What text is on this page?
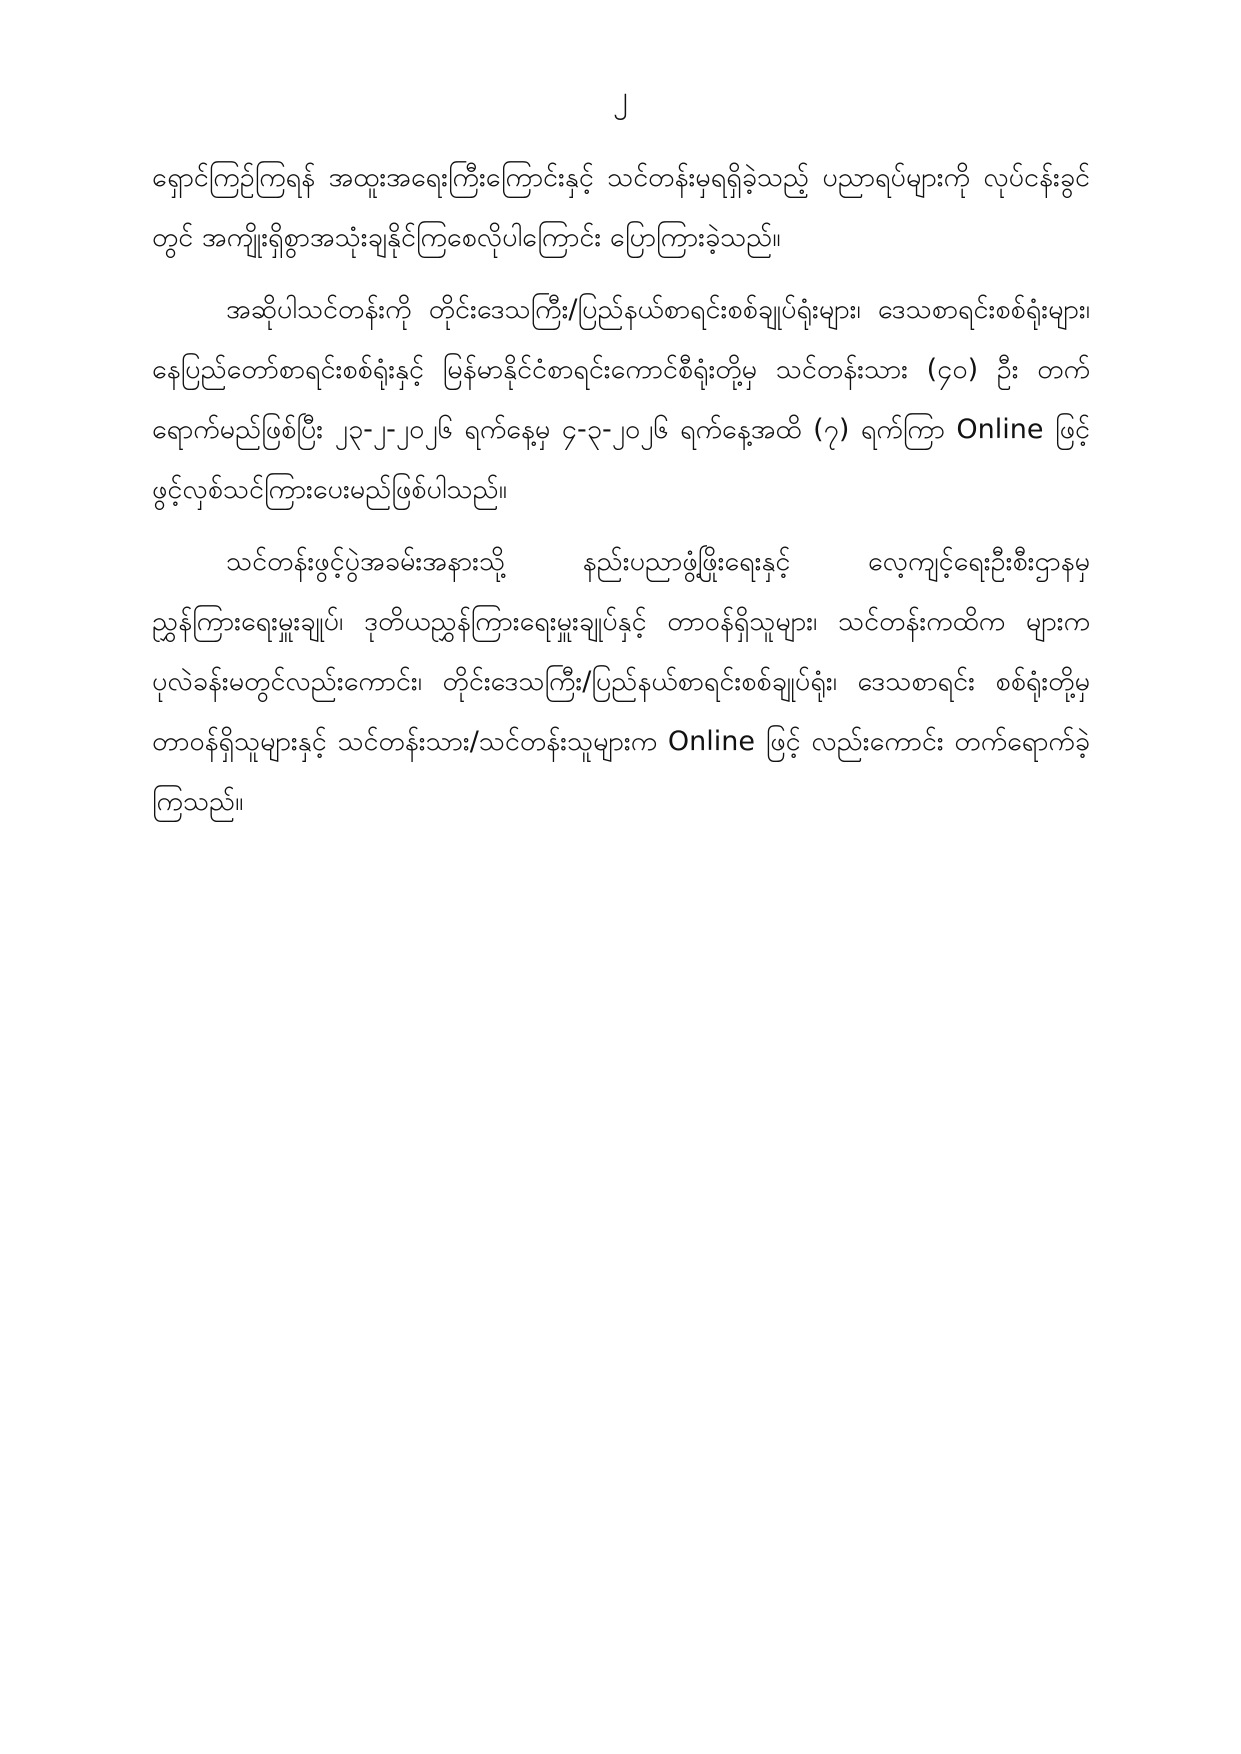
၂

ရှောင်ကြဉ်ကြရန် အထူးအရေးကြီးကြောင်းနှင့် သင်တန်းမှရရှိခဲ့သည့် ပညာရပ်များကို လုပ်ငန်းခွင်တွင် အကျိုးရှိစွာအသုံးချနိုင်ကြစေလိုပါကြောင်း ပြောကြားခဲ့သည်။

အဆိုပါသင်တန်းကို တိုင်းဒေသကြီး/ပြည်နယ်စာရင်းစစ်ချုပ်ရုံးများ၊ ဒေသစာရင်းစစ်ရုံးများ၊ နေပြည်တော်စာရင်းစစ်ရုံးနှင့် မြန်မာနိုင်ငံစာရင်းကောင်စီရုံးတို့မှ သင်တန်းသား (၄၀) ဦး တက်ရောက်မည်ဖြစ်ပြီး ၂၃-၂-၂၀၂၆ ရက်နေ့မှ ၄-၃-၂၀၂၆ ရက်နေ့အထိ (၇) ရက်ကြာ Online ဖြင့် ဖွင့်လှစ်သင်ကြားပေးမည်ဖြစ်ပါသည်။

သင်တန်းဖွင့်ပွဲအခမ်းအနားသို့ နည်းပညာဖွံ့ဖြိုးရေးနှင့် လေ့ကျင့်ရေးဦးစီးဌာနမှ ညွှန်ကြားရေးမှူးချုပ်၊ ဒုတိယညွှန်ကြားရေးမှူးချုပ်နှင့် တာဝန်ရှိသူများ၊ သင်တန်းကထိက များက ပုလဲခန်းမတွင်လည်းကောင်း၊ တိုင်းဒေသကြီး/ပြည်နယ်စာရင်းစစ်ချုပ်ရုံး၊ ဒေသစာရင်း စစ်ရုံးတို့မှတာဝန်ရှိသူများနှင့် သင်တန်းသား/သင်တန်းသူများက Online ဖြင့် လည်းကောင်း တက်ရောက်ခဲ့ကြသည်။
